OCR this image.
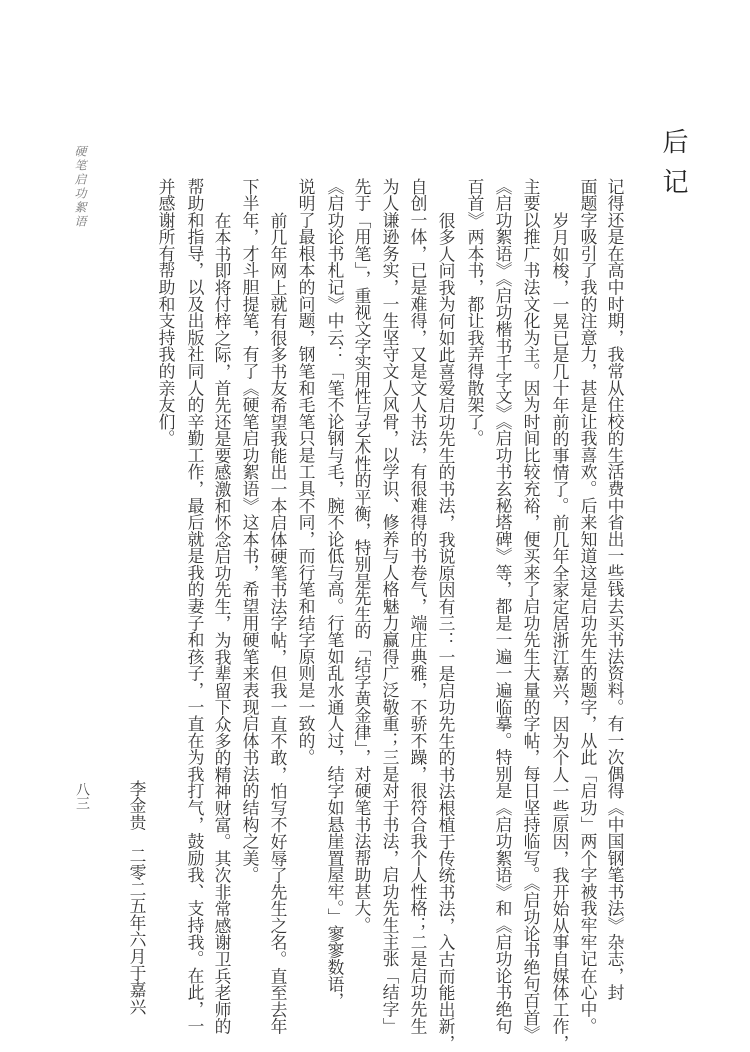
后记
硬笔启功絮语
八三	记得还是在高中时期，我常从住校的生活费中省出一些钱去买书法资料。有一次偶得《中国钢笔书法》杂志，封
面题字吸引了我的注意力，甚是让我喜欢。后来知道这是启功先生的题字，从此「启功」两个字被我牢牢记在心中。
岁月如梭，一晃已是几十年前的事情了。前几年全家定居浙江嘉兴，因为个人一些原因，我开始从事自媒体工作，
主要以推广书法文化为主。因为时间比较充裕，便买来了启功先生大量的字帖，每日坚持临写。《启功论书绝句百首》
《启功絮语》《启功楷书千字文》《启功书玄秘塔碑》等，都是一遍一遍临摹。特别是《启功絮语》和《启功论书绝句
百首》两本书，都让我弄得散架了。
很多人问我为何如此喜爱启功先生的书法，我说原因有三：一是启功先生的书法根植于传统书法，入古而能出新，
自创一体，已是难得，又是文人书法，有很难得的书卷气，端庄典雅，不骄不躁，很符合我个人性格；二是启功先生
为人谦逊务实，一生坚守文人风骨，以学识、修养与人格魅力赢得广泛敬重；三是对于书法，启功先生主张「结字」
先于「用笔」，重视文字实用性与艺术性的平衡，特别是先生的「结字黄金律」，对硬笔书法帮助甚大。
《启功论书札记》中云：「笔不论钢与毛，腕不论低与高。行笔如乱水通人过，结字如悬崖置屋牢。」寥寥数语，
说明了最根本的问题，钢笔和毛笔只是工具不同，而行笔和结字原则是一致的。
前几年网上就有很多书友希望我能出一本启体硬笔书法字帖，但我一直不敢，怕写不好辱了先生之名。直至去年
下半年，才斗胆提笔，有了《硬笔启功絮语》这本书，希望用硬笔来表现启体书法的结构之美。
在本书即将付梓之际，首先还是要感激和怀念启功先生，为我辈留下众多的精神财富。其次非常感谢卫兵老师的
帮助和指导，以及出版社同人的辛勤工作，最后就是我的妻子和孩子，一直在为我打气，鼓励我、支持我。在此，一
并感谢所有帮助和支持我的亲友们。
李金贵二零二五年六月于嘉兴
